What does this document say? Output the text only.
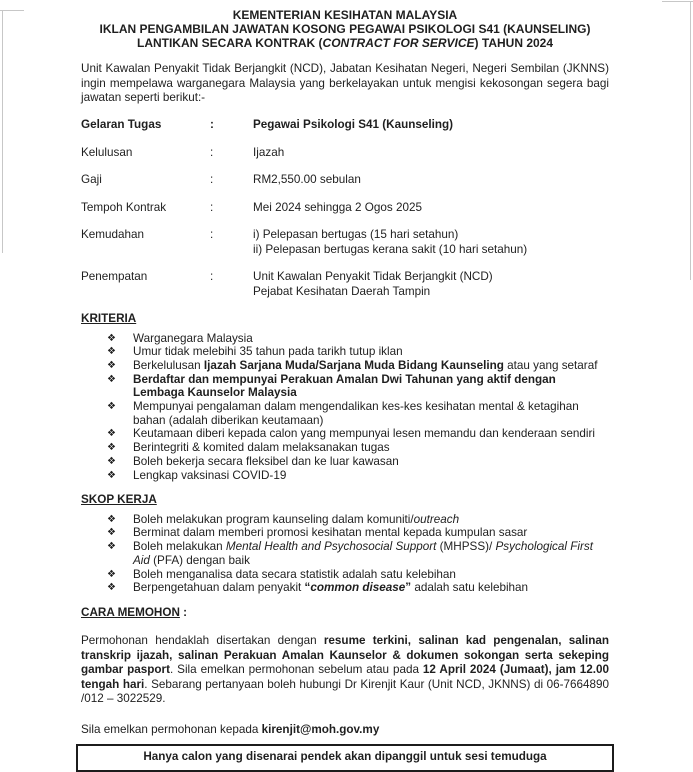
KEMENTERIAN KESIHATAN MALAYSIA
IKLAN PENGAMBILAN JAWATAN KOSONG PEGAWAI PSIKOLOGI S41 (KAUNSELING)
LANTIKAN SECARA KONTRAK (CONTRACT FOR SERVICE) TAHUN 2024

Unit Kawalan Penyakit Tidak Berjangkit (NCD), Jabatan Kesihatan Negeri, Negeri Sembilan (JKNNS) ingin mempelawa warganegara Malaysia yang berkelayakan untuk mengisi kekosongan segera bagi jawatan seperti berikut:-

Gelaran Tugas	:	Pegawai Psikologi S41 (Kaunseling)
Kelulusan	:	Ijazah
Gaji	:	RM2,550.00 sebulan
Tempoh Kontrak	:	Mei 2024 sehingga 2 Ogos 2025
Kemudahan	:	i) Pelepasan bertugas (15 hari setahun)
ii) Pelepasan bertugas kerana sakit (10 hari setahun)
Penempatan	:	Unit Kawalan Penyakit Tidak Berjangkit (NCD)
Pejabat Kesihatan Daerah Tampin
KRITERIA
❖	Warganegara Malaysia
❖	Umur tidak melebihi 35 tahun pada tarikh tutup iklan
❖	Berkelulusan Ijazah Sarjana Muda/Sarjana Muda Bidang Kaunseling atau yang setaraf
❖	Berdaftar dan mempunyai Perakuan Amalan Dwi Tahunan yang aktif dengan Lembaga Kaunselor Malaysia
❖	Mempunyai pengalaman dalam mengendalikan kes-kes kesihatan mental & ketagihan bahan (adalah diberikan keutamaan)
❖	Keutamaan diberi kepada calon yang mempunyai lesen memandu dan kenderaan sendiri
❖	Berintegriti & komited dalam melaksanakan tugas
❖	Boleh bekerja secara fleksibel dan ke luar kawasan
❖	Lengkap vaksinasi COVID-19
SKOP KERJA
❖	Boleh melakukan program kaunseling dalam komuniti/outreach
❖	Berminat dalam memberi promosi kesihatan mental kepada kumpulan sasar
❖	Boleh melakukan Mental Health and Psychosocial Support (MHPSS)/ Psychological First Aid (PFA) dengan baik
❖	Boleh menganalisa data secara statistik adalah satu kelebihan
❖	Berpengetahuan dalam penyakit “common disease” adalah satu kelebihan
CARA MEMOHON :

Permohonan hendaklah disertakan dengan resume terkini, salinan kad pengenalan, salinan transkrip ijazah, salinan Perakuan Amalan Kaunselor & dokumen sokongan serta sekeping gambar pasport. Sila emelkan permohonan sebelum atau pada 12 April 2024 (Jumaat), jam 12.00 tengah hari. Sebarang pertanyaan boleh hubungi Dr Kirenjit Kaur (Unit NCD, JKNNS) di 06-7664890 /012 – 3022529.

Sila emelkan permohonan kepada kirenjit@moh.gov.my

Hanya calon yang disenarai pendek akan dipanggil untuk sesi temuduga
